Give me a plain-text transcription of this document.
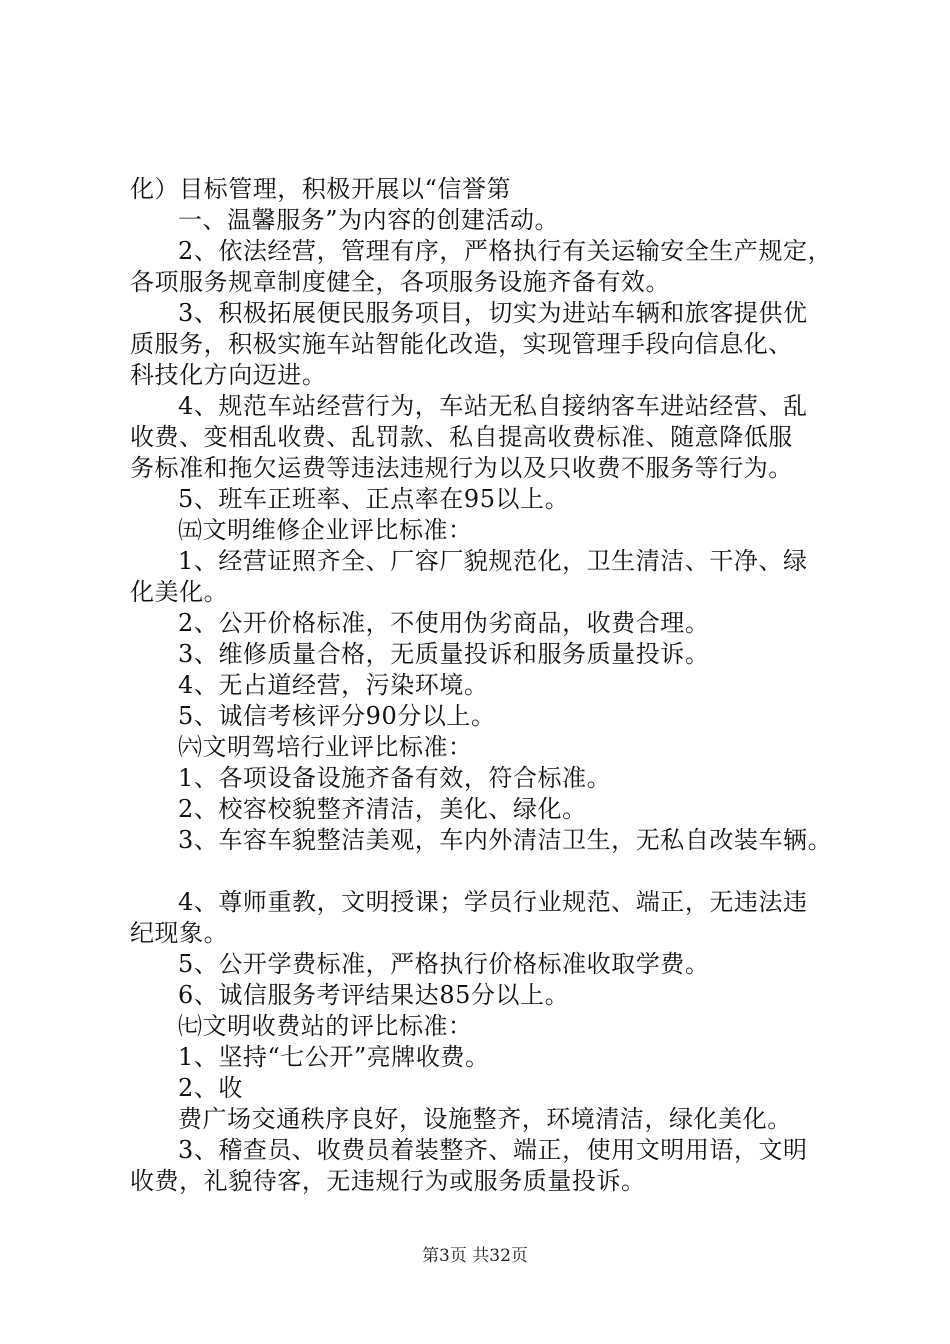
化）目标管理，积极开展以“信誉第
一、温馨服务”为内容的创建活动。
2、依法经营，管理有序，严格执行有关运输安全生产规定，
各项服务规章制度健全，各项服务设施齐备有效。
3、积极拓展便民服务项目，切实为进站车辆和旅客提供优
质服务，积极实施车站智能化改造，实现管理手段向信息化、
科技化方向迈进。
4、规范车站经营行为，车站无私自接纳客车进站经营、乱
收费、变相乱收费、乱罚款、私自提高收费标准、随意降低服
务标准和拖欠运费等违法违规行为以及只收费不服务等行为。
5、班车正班率、正点率在95以上。
㈤文明维修企业评比标准：
1、经营证照齐全、厂容厂貌规范化，卫生清洁、干净、绿
化美化。
2、公开价格标准，不使用伪劣商品，收费合理。
3、维修质量合格，无质量投诉和服务质量投诉。
4、无占道经营，污染环境。
5、诚信考核评分90分以上。
㈥文明驾培行业评比标准：
1、各项设备设施齐备有效，符合标准。
2、校容校貌整齐清洁，美化、绿化。
3、车容车貌整洁美观，车内外清洁卫生，无私自改装车辆。
4、尊师重教，文明授课；学员行业规范、端正，无违法违
纪现象。
5、公开学费标准，严格执行价格标准收取学费。
6、诚信服务考评结果达85分以上。
㈦文明收费站的评比标准：
1、坚持“七公开”亮牌收费。
2、收
费广场交通秩序良好，设施整齐，环境清洁，绿化美化。
3、稽查员、收费员着装整齐、端正，使用文明用语，文明
收费，礼貌待客，无违规行为或服务质量投诉。
第3页 共32页
